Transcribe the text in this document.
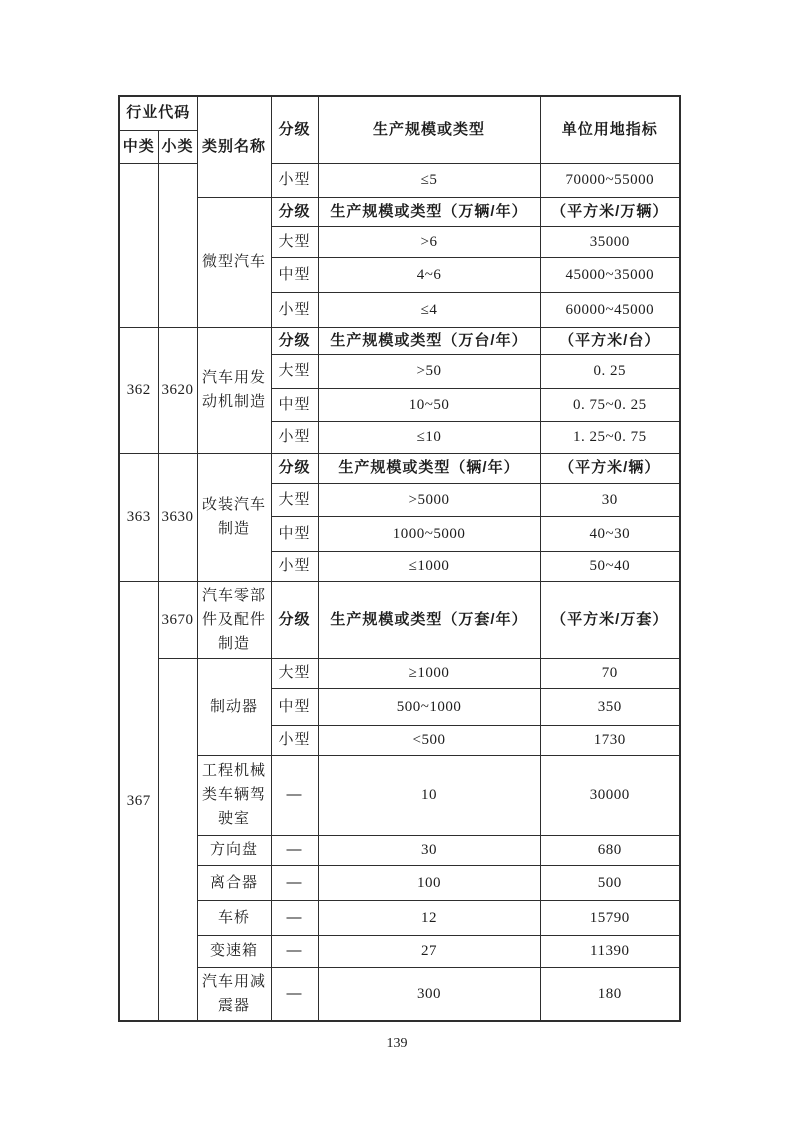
行业代码		类别名称	分级	生产规模或类型	单位用地指标
中类	小类				
			小型	≤5	70000~55000
		微型汽车	分级	生产规模或类型（万辆/年）	（平方米/万辆）
			大型	>6	35000
			中型	4~6	45000~35000
			小型	≤4	60000~45000
362	3620	汽车用发动机制造	分级	生产规模或类型（万台/年）	（平方米/台）
			大型	>50	0. 25
			中型	10~50	0. 75~0. 25
			小型	≤10	1. 25~0. 75
363	3630	改装汽车制造	分级	生产规模或类型（辆/年）	（平方米/辆）
			大型	>5000	30
			中型	1000~5000	40~30
			小型	≤1000	50~40
367	3670	汽车零部件及配件制造	分级	生产规模或类型（万套/年）	（平方米/万套）
		制动器	大型	≥1000	70
			中型	500~1000	350
			小型	<500	1730
		工程机械类车辆驾驶室	—	10	30000
		方向盘	—	30	680
		离合器	—	100	500
		车桥	—	12	15790
		变速箱	—	27	11390
		汽车用减震器	—	300	180
139
